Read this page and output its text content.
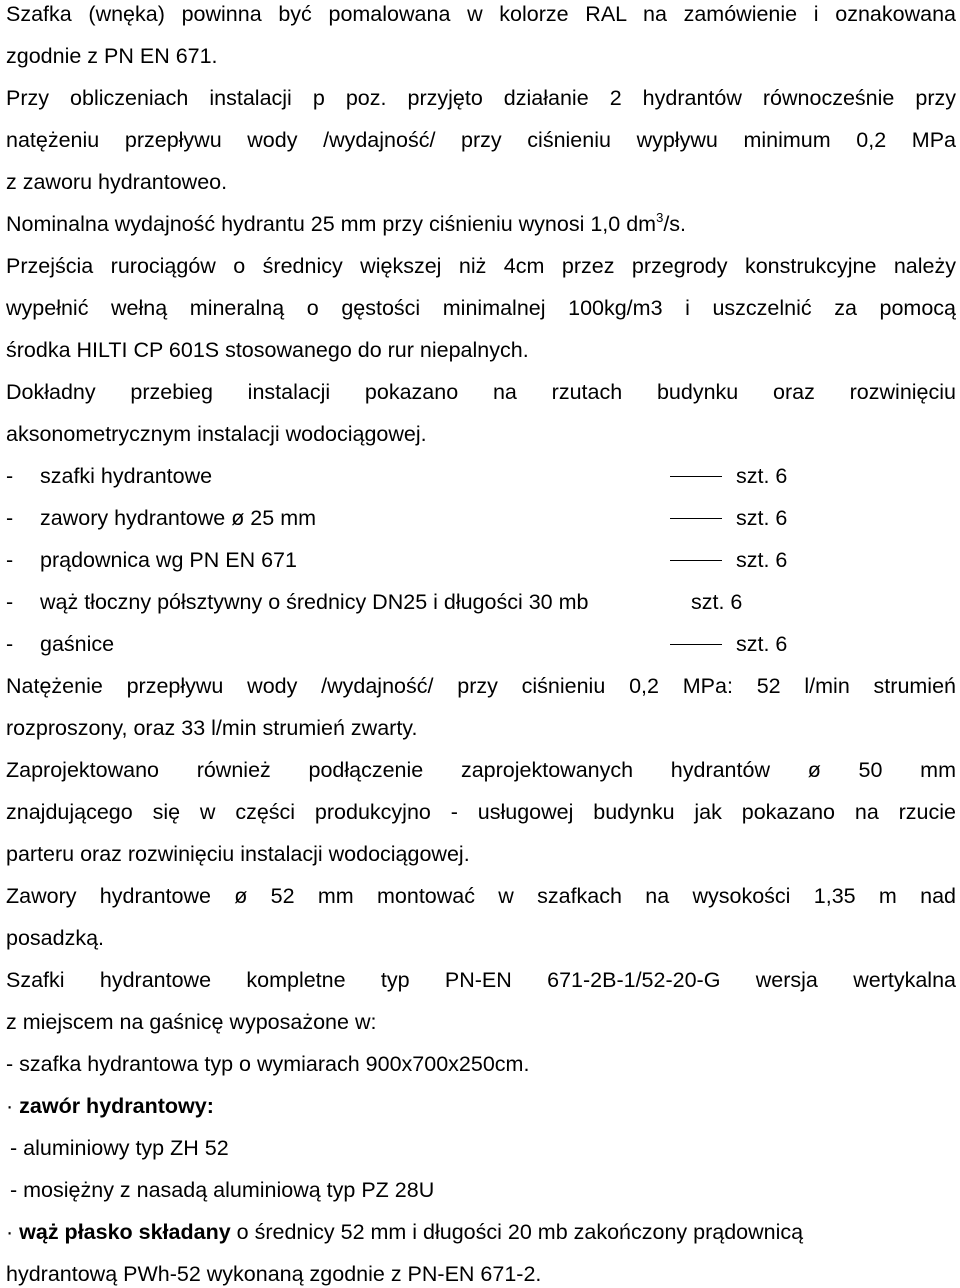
Szafka (wnęka) powinna być pomalowana w kolorze RAL na zamówienie i oznakowana
zgodnie z PN EN 671.
Przy obliczeniach instalacji p poz. przyjęto działanie 2 hydrantów równocześnie przy
natężeniu przepływu wody /wydajność/ przy ciśnieniu wypływu minimum 0,2 MPa
z zaworu hydrantoweo.
Nominalna wydajność hydrantu 25 mm przy ciśnieniu wynosi 1,0 $dm^3/s$.
Przejścia rurociągów o średnicy większej niż 4cm przez przegrody konstrukcyjne należy
wypełnić wełną mineralną o gęstości minimalnej 100kg/m3 i uszczelnić za pomocą
środka HILTI CP 601S stosowanego do rur niepalnych.
Dokładny przebieg instalacji pokazano na rzutach budynku oraz rozwinięciu
aksonometrycznym instalacji wodociągowej.
- szafki hydrantowe	szt. 6
- zawory hydrantowe ø 25 mm	szt. 6
- prądownica wg PN EN 671	szt. 6
- wąż tłoczny półsztywny o średnicy DN25 i długości 30 mb	szt. 6
- gaśnice	szt. 6
Natężenie przepływu wody /wydajność/ przy ciśnieniu 0,2 MPa: 52 l/min strumień
rozproszony, oraz 33 l/min strumień zwarty.
Zaprojektowano również podłączenie zaprojektowanych hydrantów ø 50 mm
znajdującego się w części produkcyjno - usługowej budynku jak pokazano na rzucie
parteru oraz rozwinięciu instalacji wodociągowej.
Zawory hydrantowe ø 52 mm montować w szafkach na wysokości 1,35 m nad
posadzką.
Szafki hydrantowe kompletne typ PN-EN 671-2B-1/52-20-G wersja wertykalna
z miejscem na gaśnicę wyposażone w:
- szafka hydrantowa typ o wymiarach 900x700x250cm.
· zawór hydrantowy:
- aluminiowy typ ZH 52
- mosiężny z nasadą aluminiową typ PZ 28U
· wąż płasko składany o średnicy 52 mm i długości 20 mb zakończony prądownicą
hydrantową PWh-52 wykonaną zgodnie z PN-EN 671-2.
